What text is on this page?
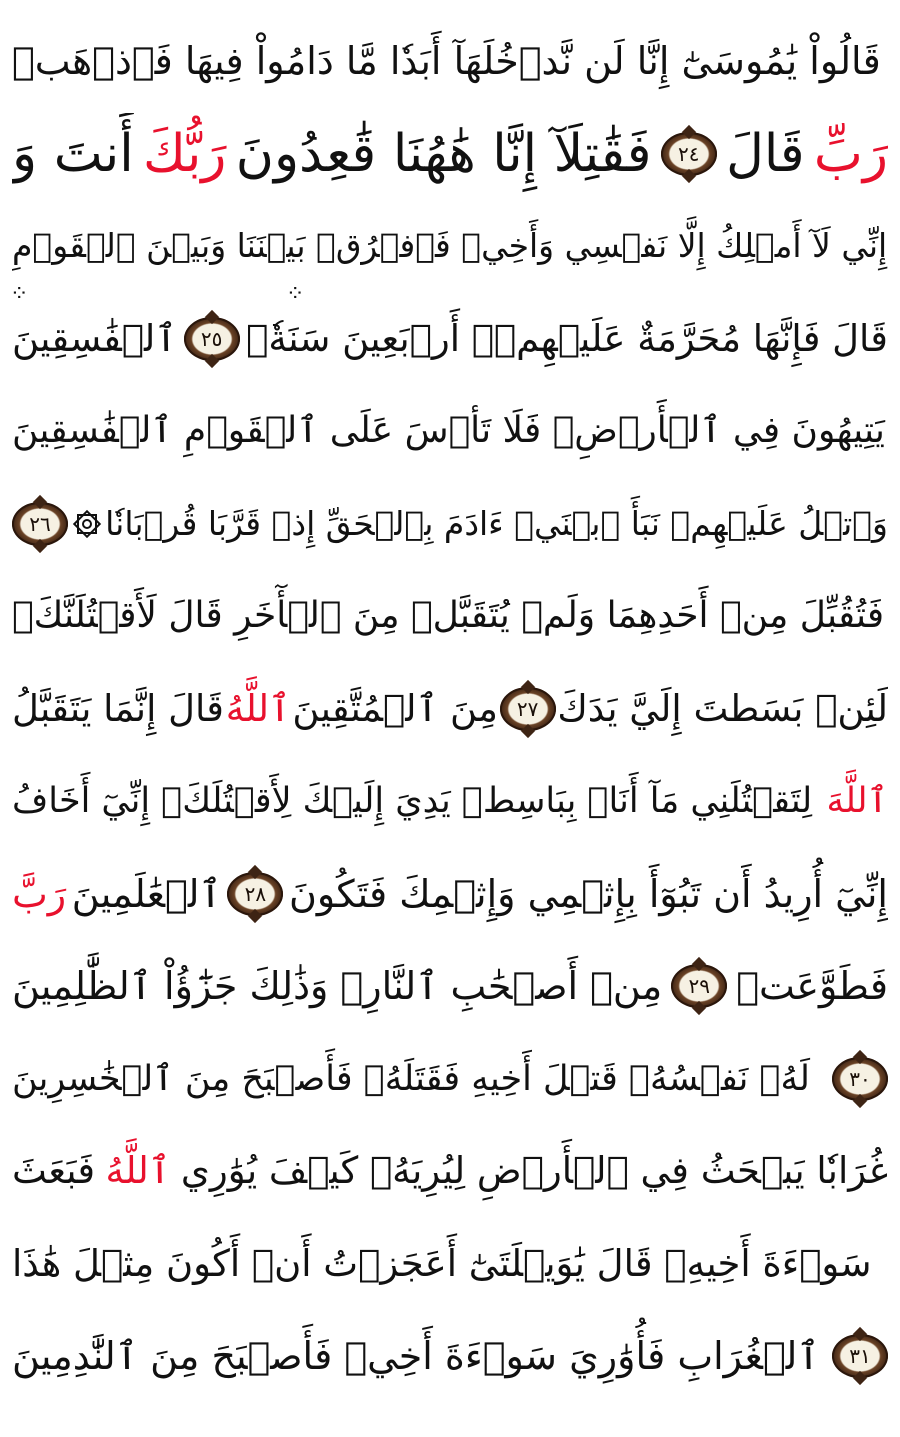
قَالُواْ يَٰمُوسَىٰٓ إِنَّا لَن نَّدۡخُلَهَآ أَبَدٗا مَّا دَامُواْ فِيهَا فَٱذۡهَبۡ
أَنتَ وَ رَبُّكَ فَقَٰتِلَآ إِنَّا هَٰهُنَا قَٰعِدُونَ ٢٤ قَالَ رَبِّ
إِنِّي لَآ أَمۡلِكُ إِلَّا نَفۡسِي وَأَخِيۖ فَٱفۡرُقۡ بَيۡنَنَا وَبَيۡنَ ٱلۡقَوۡمِ
ٱلۡفَٰسِقِينَ ٢٥ قَالَ فَإِنَّهَا مُحَرَّمَةٌ عَلَيۡهِمۡۛ أَرۡبَعِينَ سَنَةٗۛ
يَتِيهُونَ فِي ٱلۡأَرۡضِۚ فَلَا تَأۡسَ عَلَى ٱلۡقَوۡمِ ٱلۡفَٰسِقِينَ
٢٦ وَٱتۡلُ عَلَيۡهِمۡ نَبَأَ ٱبۡنَيۡ ءَادَمَ بِٱلۡحَقِّ إِذۡ قَرَّبَا قُرۡبَانٗا
فَتُقُبِّلَ مِنۡ أَحَدِهِمَا وَلَمۡ يُتَقَبَّلۡ مِنَ ٱلۡأٓخَرِ قَالَ لَأَقۡتُلَنَّكَۖ
قَالَ إِنَّمَا يَتَقَبَّلُ ٱللَّهُ مِنَ ٱلۡمُتَّقِينَ ٢٧ لَئِنۢ بَسَطتَ إِلَيَّ يَدَكَ
لِتَقۡتُلَنِي مَآ أَنَا۠ بِبَاسِطٖ يَدِيَ إِلَيۡكَ لِأَقۡتُلَكَۖ إِنِّيٓ أَخَافُ ٱللَّهَ
رَبَّ ٱلۡعَٰلَمِينَ ٢٨ إِنِّيٓ أُرِيدُ أَن تَبُوٓأَ بِإِثۡمِي وَإِثۡمِكَ فَتَكُونَ
مِنۡ أَصۡحَٰبِ ٱلنَّارِۚ وَذَٰلِكَ جَزَٰٓؤُاْ ٱلظَّٰلِمِينَ ٢٩ فَطَوَّعَتۡ
لَهُۥ نَفۡسُهُۥ قَتۡلَ أَخِيهِ فَقَتَلَهُۥ فَأَصۡبَحَ مِنَ ٱلۡخَٰسِرِينَ ٣٠
فَبَعَثَ ٱللَّهُ غُرَابٗا يَبۡحَثُ فِي ٱلۡأَرۡضِ لِيُرِيَهُۥ كَيۡفَ يُوَٰرِي
سَوۡءَةَ أَخِيهِۚ قَالَ يَٰوَيۡلَتَىٰٓ أَعَجَزۡتُ أَنۡ أَكُونَ مِثۡلَ هَٰذَا
ٱلۡغُرَابِ فَأُوَٰرِيَ سَوۡءَةَ أَخِيۖ فَأَصۡبَحَ مِنَ ٱلنَّٰدِمِينَ ٣١
⁘	⁘
